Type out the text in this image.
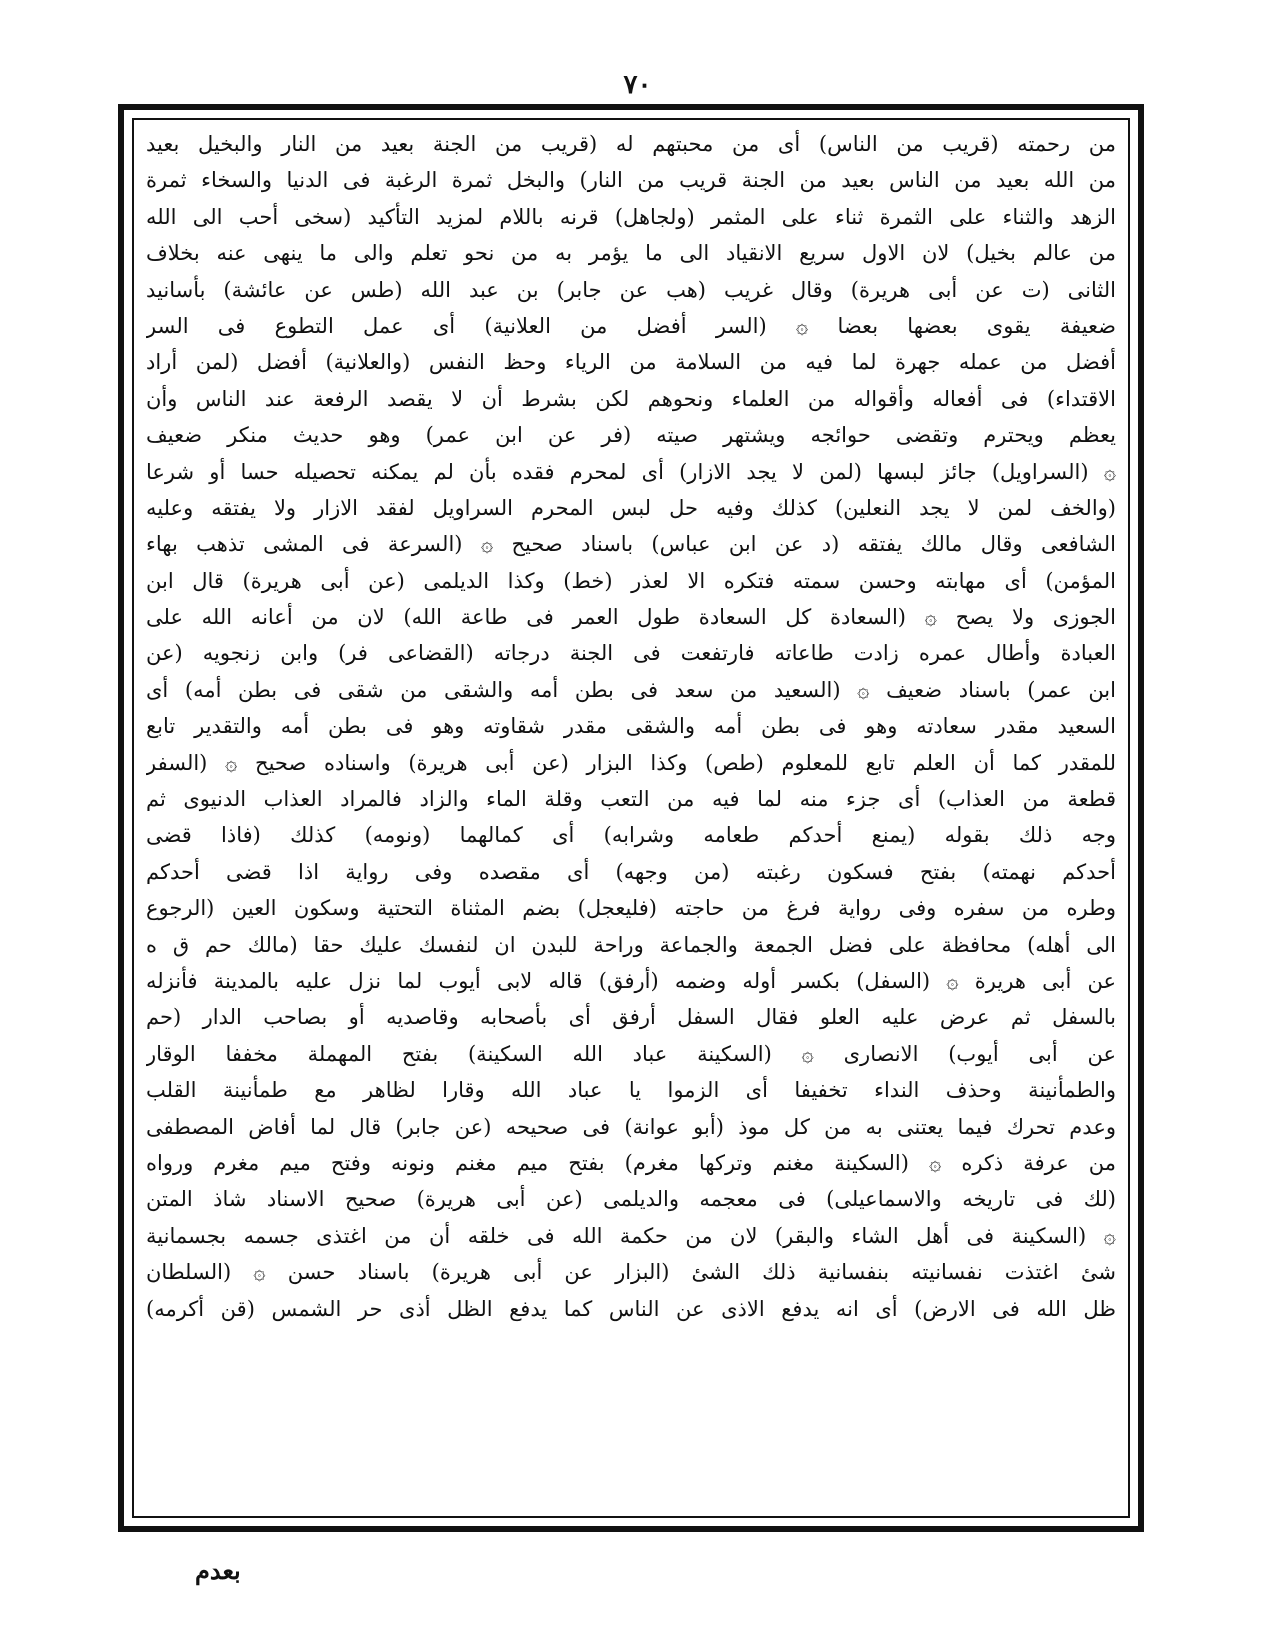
٧٠
من رحمته (قريب من الناس) أى من محبتهم له (قريب من الجنة بعيد من النار والبخيل بعيد
من الله بعيد من الناس بعيد من الجنة قريب من النار) والبخل ثمرة الرغبة فى الدنيا والسخاء ثمرة
الزهد والثناء على الثمرة ثناء على المثمر (ولجاهل) قرنه باللام لمزيد التأكيد (سخى أحب الى الله
من عالم بخيل) لان الاول سريع الانقياد الى ما يؤمر به من نحو تعلم والى ما ينهى عنه بخلاف
الثانى (ت عن أبى هريرة) وقال غريب (هب عن جابر) بن عبد الله (طس عن عائشة) بأسانيد
ضعيفة يقوى بعضها بعضا ۞ (السر أفضل من العلانية) أى عمل التطوع فى السر
أفضل من عمله جهرة لما فيه من السلامة من الرياء وحظ النفس (والعلانية) أفضل (لمن أراد
الاقتداء) فى أفعاله وأقواله من العلماء ونحوهم لكن بشرط أن لا يقصد الرفعة عند الناس وأن
يعظم ويحترم وتقضى حوائجه ويشتهر صيته (فر عن ابن عمر) وهو حديث منكر ضعيف
۞ (السراويل) جائز لبسها (لمن لا يجد الازار) أى لمحرم فقده بأن لم يمكنه تحصيله حسا أو شرعا
(والخف لمن لا يجد النعلين) كذلك وفيه حل لبس المحرم السراويل لفقد الازار ولا يفتقه وعليه
الشافعى وقال مالك يفتقه (د عن ابن عباس) باسناد صحيح ۞ (السرعة فى المشى تذهب بهاء
المؤمن) أى مهابته وحسن سمته فتكره الا لعذر (خط) وكذا الديلمى (عن أبى هريرة) قال ابن
الجوزى ولا يصح ۞ (السعادة كل السعادة طول العمر فى طاعة الله) لان من أعانه الله على
العبادة وأطال عمره زادت طاعاته فارتفعت فى الجنة درجاته (القضاعى فر) وابن زنجويه (عن
ابن عمر) باسناد ضعيف ۞ (السعيد من سعد فى بطن أمه والشقى من شقى فى بطن أمه) أى
السعيد مقدر سعادته وهو فى بطن أمه والشقى مقدر شقاوته وهو فى بطن أمه والتقدير تابع
للمقدر كما أن العلم تابع للمعلوم (طص) وكذا البزار (عن أبى هريرة) واسناده صحيح ۞ (السفر
قطعة من العذاب) أى جزء منه لما فيه من التعب وقلة الماء والزاد فالمراد العذاب الدنيوى ثم
وجه ذلك بقوله (يمنع أحدكم طعامه وشرابه) أى كمالهما (ونومه) كذلك (فاذا قضى
أحدكم نهمته) بفتح فسكون رغبته (من وجهه) أى مقصده وفى رواية اذا قضى أحدكم
وطره من سفره وفى رواية فرغ من حاجته (فليعجل) بضم المثناة التحتية وسكون العين (الرجوع
الى أهله) محافظة على فضل الجمعة والجماعة وراحة للبدن ان لنفسك عليك حقا (مالك حم ق ه
عن أبى هريرة ۞ (السفل) بكسر أوله وضمه (أرفق) قاله لابى أيوب لما نزل عليه بالمدينة فأنزله
بالسفل ثم عرض عليه العلو فقال السفل أرفق أى بأصحابه وقاصديه أو بصاحب الدار (حم
عن أبى أيوب) الانصارى ۞ (السكينة عباد الله السكينة) بفتح المهملة مخففا الوقار
والطمأنينة وحذف النداء تخفيفا أى الزموا يا عباد الله وقارا لظاهر مع طمأنينة القلب
وعدم تحرك فيما يعتنى به من كل موذ (أبو عوانة) فى صحيحه (عن جابر) قال لما أفاض المصطفى
من عرفة ذكره ۞ (السكينة مغنم وتركها مغرم) بفتح ميم مغنم ونونه وفتح ميم مغرم ورواه
(لك فى تاريخه والاسماعيلى) فى معجمه والديلمى (عن أبى هريرة) صحيح الاسناد شاذ المتن
۞ (السكينة فى أهل الشاء والبقر) لان من حكمة الله فى خلقه أن من اغتذى جسمه بجسمانية
شئ اغتذت نفسانيته بنفسانية ذلك الشئ (البزار عن أبى هريرة) باسناد حسن ۞ (السلطان
ظل الله فى الارض) أى انه يدفع الاذى عن الناس كما يدفع الظل أذى حر الشمس (قن أكرمه)
بعدم
